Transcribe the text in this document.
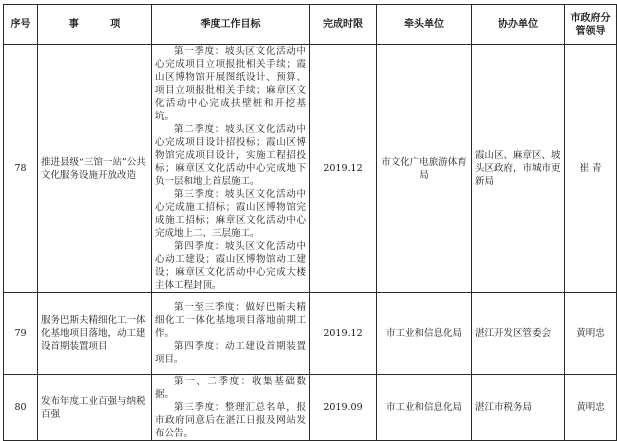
序号	事 项	季度工作目标	完成时限	牵头单位	协办单位	市政府分管领导
78	推进县级“三馆一站”公共文化服务设施开放改造	第一季度：坡头区文化活动中心完成项目立项报批相关手续；霞山区博物馆开展图纸设计、预算、项目立项报批相关手续；麻章区文化活动中心完成扶壁桩和开挖基坑。

第二季度：坡头区文化活动中心完成项目设计招投标；霞山区博物馆完成项目设计，实施工程招投标；麻章区文化活动中心完成地下负一层和地上首层施工。

第三季度：坡头区文化活动中心完成施工招标；霞山区博物馆完成施工招标；麻章区文化活动中心完成地上二、三层施工。

第四季度：坡头区文化活动中心动工建设；霞山区博物馆动工建设；麻章区文化活动中心完成大楼主体工程封顶。	2019.12	市文化广电旅游体育局	霞山区、麻章区、坡头区政府，市城市更新局	崔 青
79	服务巴斯夫精细化工一体化基地项目落地，动工建设首期装置项目	第一至三季度：做好巴斯夫精细化工一体化基地项目落地前期工作。

第四季度：动工建设首期装置项目。	2019.12	市工业和信息化局	湛江开发区管委会	黄明忠
80	发布年度工业百强与纳税百强	第一、二季度：收集基础数据。

第三季度：整理汇总名单，报市政府同意后在湛江日报及网站发布公告。	2019.09	市工业和信息化局	湛江市税务局	黄明忠
